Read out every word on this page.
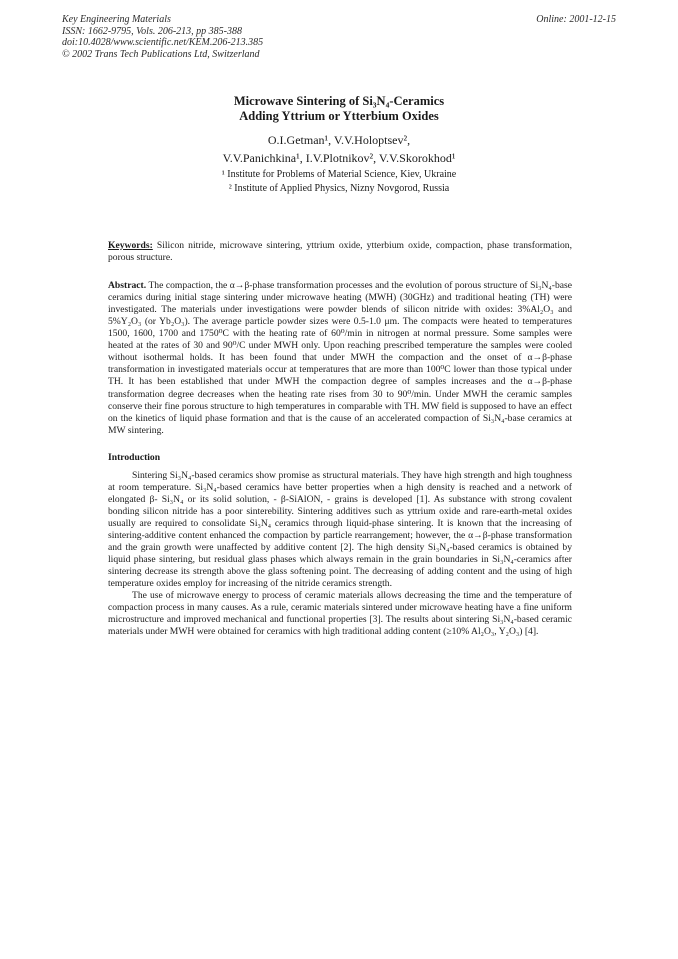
Key Engineering Materials
ISSN: 1662-9795, Vols. 206-213, pp 385-388
doi:10.4028/www.scientific.net/KEM.206-213.385
© 2002 Trans Tech Publications Ltd, Switzerland
Online: 2001-12-15
Microwave Sintering of Si₃N₄-Ceramics
Adding Yttrium or Ytterbium Oxides
O.I.Getman¹, V.V.Holoptsev²,
V.V.Panichkina¹, I.V.Plotnikov², V.V.Skorokhod¹
¹ Institute for Problems of Material Science, Kiev, Ukraine
² Institute of Applied Physics, Nizny Novgorod, Russia

Keywords: Silicon nitride, microwave sintering, yttrium oxide, ytterbium oxide, compaction, phase transformation, porous structure.

Abstract. The compaction, the α→β-phase transformation processes and the evolution of porous structure of Si₃N₄-base ceramics during initial stage sintering under microwave heating (MWH) (30GHz) and traditional heating (TH) were investigated. The materials under investigations were powder blends of silicon nitride with oxides: 3%Al₂O₃ and 5%Y₂O₃ (or Yb₂O₃). The average particle powder sizes were 0.5-1.0 μm. The compacts were heated to temperatures 1500, 1600, 1700 and 1750⁰C with the heating rate of 60⁰/min in nitrogen at normal pressure. Some samples were heated at the rates of 30 and 90⁰/C under MWH only. Upon reaching prescribed temperature the samples were cooled without isothermal holds. It has been found that under MWH the compaction and the onset of α→β-phase transformation in investigated materials occur at temperatures that are more than 100⁰C lower than those typical under TH. It has been established that under MWH the compaction degree of samples increases and the α→β-phase transformation degree decreases when the heating rate rises from 30 to 90⁰/min. Under MWH the ceramic samples conserve their fine porous structure to high temperatures in comparable with TH. MW field is supposed to have an effect on the kinetics of liquid phase formation and that is the cause of an accelerated compaction of Si₃N₄-base ceramics at MW sintering.

Introduction

Sintering Si₃N₄-based ceramics show promise as structural materials. They have high strength and high toughness at room temperature. Si₃N₄-based ceramics have better properties when a high density is reached and a network of elongated β- Si₃N₄ or its solid solution, - β-SiAlON, - grains is developed [1]. As substance with strong covalent bonding silicon nitride has a poor sinterebility. Sintering additives such as yttrium oxide and rare-earth-metal oxides usually are required to consolidate Si₃N₄ ceramics through liquid-phase sintering. It is known that the increasing of sintering-additive content enhanced the compaction by particle rearrangement; however, the α→β-phase transformation and the grain growth were unaffected by additive content [2]. The high density Si₃N₄-based ceramics is obtained by liquid phase sintering, but residual glass phases which always remain in the grain boundaries in Si₃N₄-ceramics after sintering decrease its strength above the glass softening point. The decreasing of adding content and the using of high temperature oxides employ for increasing of the nitride ceramics strength.

The use of microwave energy to process of ceramic materials allows decreasing the time and the temperature of compaction process in many causes. As a rule, ceramic materials sintered under microwave heating have a fine uniform microstructure and improved mechanical and functional properties [3]. The results about sintering Si₃N₄-based ceramic materials under MWH were obtained for ceramics with high traditional adding content (≥10% Al₂O₃, Y₂O₃) [4].
